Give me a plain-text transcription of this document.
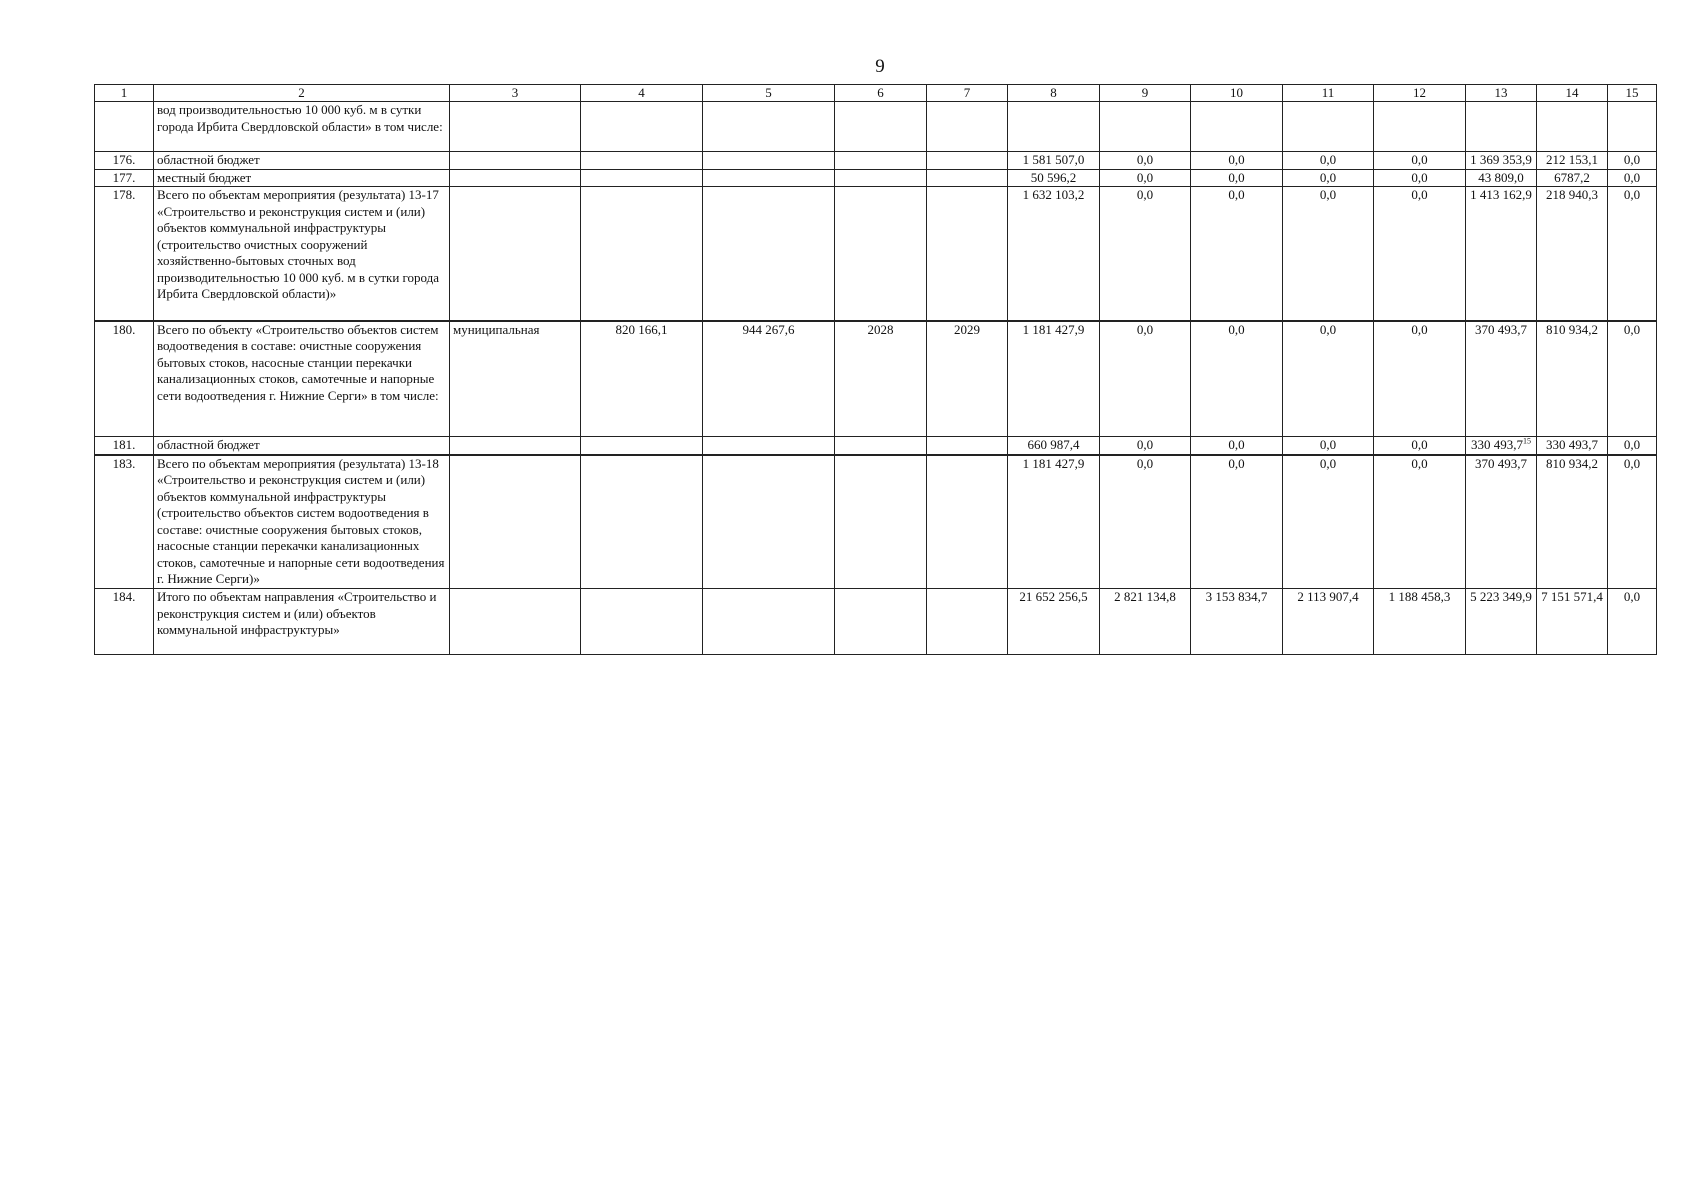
9
1	2	3	4	5	6	7	8	9	10	11	12	13	14	15
	вод производительностью 10 000 куб. м в сутки города Ирбита Свердловской области» в том числе:													
176.	областной бюджет						1 581 507,0	0,0	0,0	0,0	0,0	1 369 353,9	212 153,1	0,0
177.	местный бюджет						50 596,2	0,0	0,0	0,0	0,0	43 809,0	6787,2	0,0
178.	Всего по объектам мероприятия (результата) 13-17 «Строительство и реконструкция систем и (или) объектов коммунальной инфраструктуры (строительство очистных сооружений хозяйственно-бытовых сточных вод производительностью 10 000 куб. м в сутки города Ирбита Свердловской области)»						1 632 103,2	0,0	0,0	0,0	0,0	1 413 162,9	218 940,3	0,0
180.	Всего по объекту «Строительство объектов систем водоотведения в составе: очистные сооружения бытовых стоков, насосные станции перекачки канализационных стоков, самотечные и напорные сети водоотведения г. Нижние Серги» в том числе:	муниципальная	820 166,1	944 267,6	2028	2029	1 181 427,9	0,0	0,0	0,0	0,0	370 493,7	810 934,2	0,0
181.	областной бюджет						660 987,4	0,0	0,0	0,0	0,0	330 493,7$^{15}$	330 493,7	0,0
183.	Всего по объектам мероприятия (результата) 13-18 «Строительство и реконструкция систем и (или) объектов коммунальной инфраструктуры (строительство объектов систем водоотведения в составе: очистные сооружения бытовых стоков, насосные станции перекачки канализационных стоков, самотечные и напорные сети водоотведения г. Нижние Серги)»						1 181 427,9	0,0	0,0	0,0	0,0	370 493,7	810 934,2	0,0
184.	Итого по объектам направления «Строительство и реконструкция систем и (или) объектов коммунальной инфраструктуры»						21 652 256,5	2 821 134,8	3 153 834,7	2 113 907,4	1 188 458,3	5 223 349,9	7 151 571,4	0,0
